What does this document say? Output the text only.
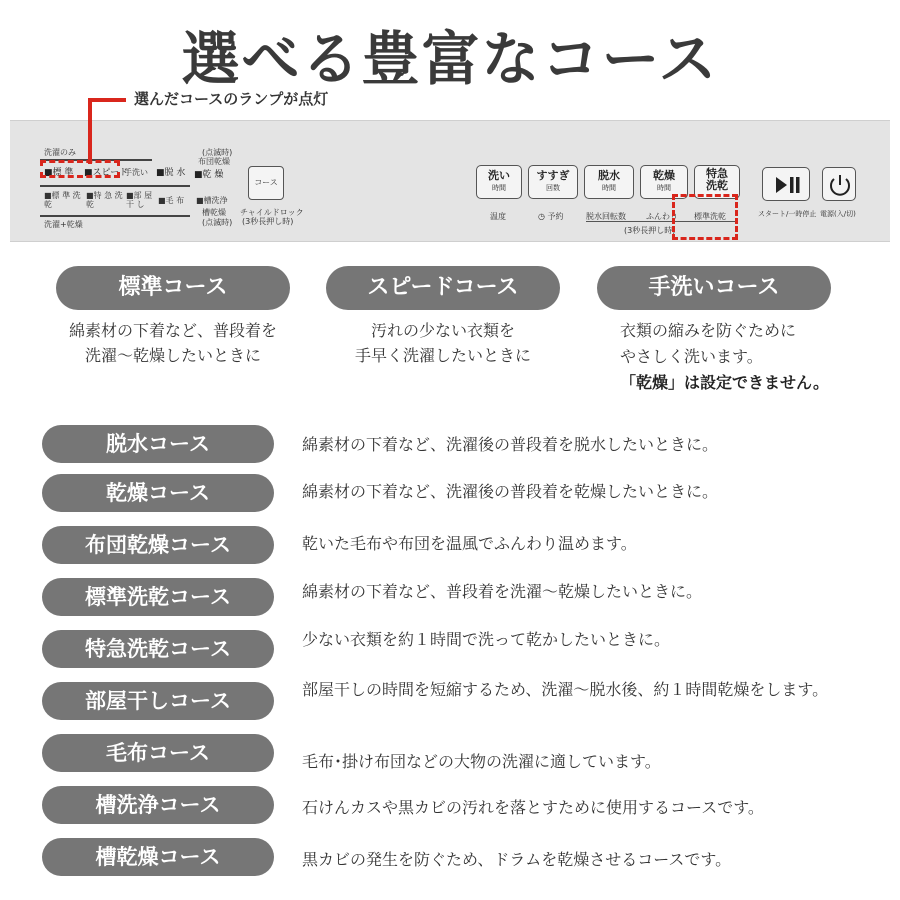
選べる豊富なコース
洗濯のみ
■標 準 ■スピード
手洗い ■脱 水
(点滅時)
布団乾燥
■乾 燥
■標 準 洗 乾
■特 急 洗 乾
■部 屋 干 し	■毛 布 ■槽洗浄
槽乾燥
(点滅時)
洗濯+乾燥
チャイルドロック
(3秒長押し時)
洗い
時間
すすぎ
回数
脱水
時間
乾燥
時間
特急
洗乾
温度	◷ 予約	脱水回転数	ふんわり 標準洗乾
(3秒長押し時)
スタート/一時停止 電源(入/切)
コース
選んだコースのランプが点灯
標準コース
綿素材の下着など、普段着を
洗濯〜乾燥したいときに
スピードコース
汚れの少ない衣類を
手早く洗濯したいときに
手洗いコース
衣類の縮みを防ぐために
やさしく洗います。
「乾燥」は設定できません。
脱水コース	綿素材の下着など、洗濯後の普段着を脱水したいときに。
乾燥コース	綿素材の下着など、洗濯後の普段着を乾燥したいときに。
布団乾燥コース	乾いた毛布や布団を温風でふんわり温めます。
標準洗乾コース	綿素材の下着など、普段着を洗濯〜乾燥したいときに。
特急洗乾コース	少ない衣類を約１時間で洗って乾かしたいときに。
部屋干しコース	部屋干しの時間を短縮するため、洗濯〜脱水後、約１時間乾燥をします。
毛布コース	毛布･掛け布団などの大物の洗濯に適しています。
槽洗浄コース	石けんカスや黒カビの汚れを落とすために使用するコースです。
槽乾燥コース	黒カビの発生を防ぐため、ドラムを乾燥させるコースです。
